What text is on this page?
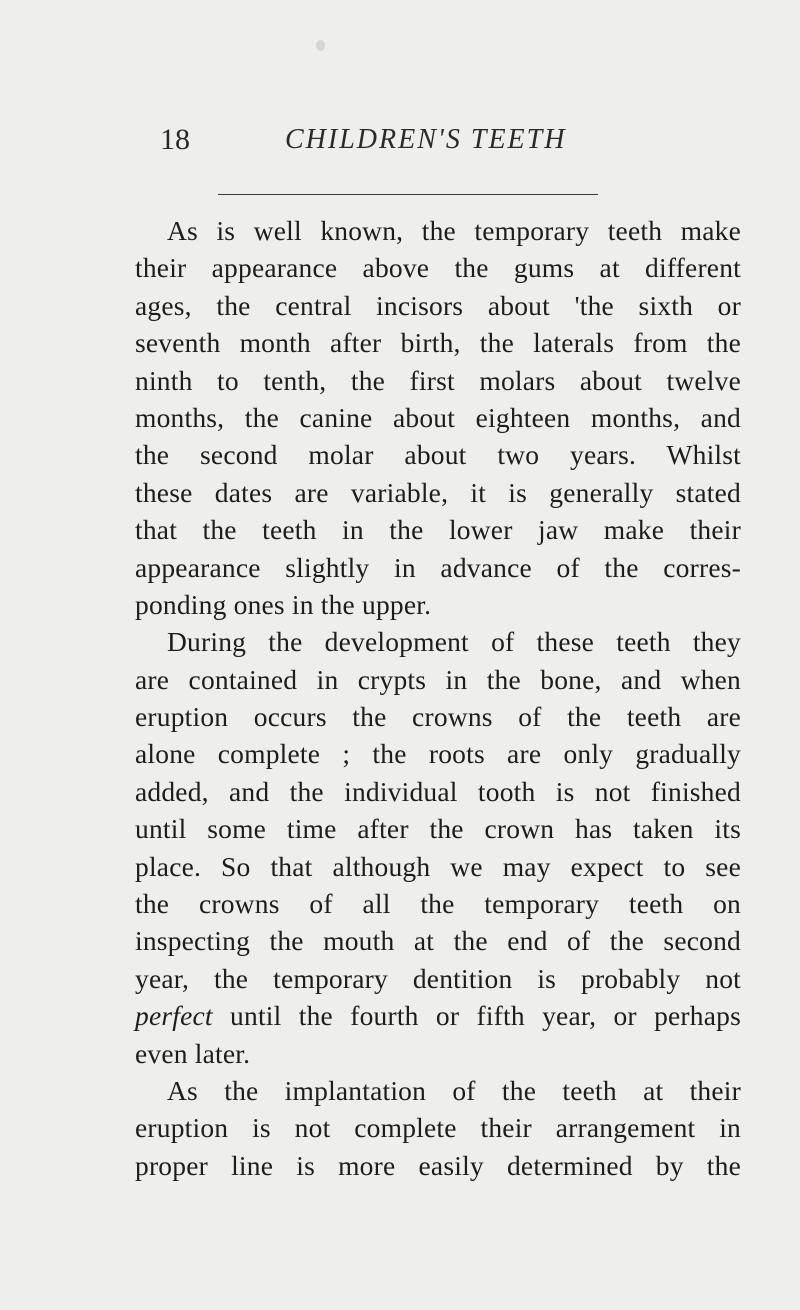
18	CHILDREN'S TEETH
As is well known, the temporary teeth make
their appearance above the gums at different
ages, the central incisors about 'the sixth or
seventh month after birth, the laterals from the
ninth to tenth, the first molars about twelve
months, the canine about eighteen months, and
the second molar about two years. Whilst
these dates are variable, it is generally stated
that the teeth in the lower jaw make their
appearance slightly in advance of the corres-
ponding ones in the upper.
During the development of these teeth they
are contained in crypts in the bone, and when
eruption occurs the crowns of the teeth are
alone complete ; the roots are only gradually
added, and the individual tooth is not finished
until some time after the crown has taken its
place. So that although we may expect to see
the crowns of all the temporary teeth on
inspecting the mouth at the end of the second
year, the temporary dentition is probably not
perfect until the fourth or fifth year, or perhaps
even later.
As the implantation of the teeth at their
eruption is not complete their arrangement in
proper line is more easily determined by the
